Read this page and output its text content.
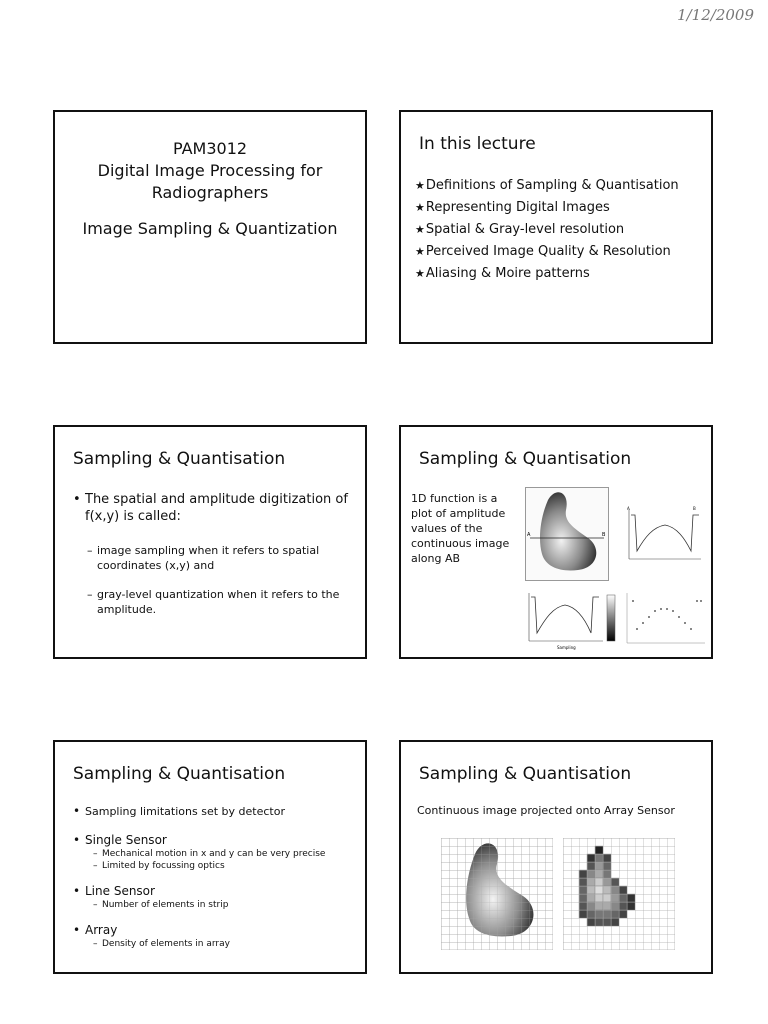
1/12/2009
PAM3012
Digital Image Processing for
Radiographers
Image Sampling & Quantization
In this lecture
★ Definitions of Sampling & Quantisation
★ Representing Digital Images
★ Spatial & Gray-level resolution
★ Perceived Image Quality & Resolution
★ Aliasing & Moire patterns
Sampling & Quantisation
• The spatial and amplitude digitization of f(x,y) is called:
– image sampling when it refers to spatial coordinates (x,y) and
– gray-level quantization when it refers to the amplitude.
Sampling & Quantisation
1D function is a plot of amplitude values of the continuous image along AB
A	B
A	B
Sampling
Sampling & Quantisation
• Sampling limitations set by detector
• Single Sensor
– Mechanical motion in x and y can be very precise
– Limited by focussing optics
• Line Sensor
– Number of elements in strip
• Array
– Density of elements in array
Sampling & Quantisation
Continuous image projected onto Array Sensor
